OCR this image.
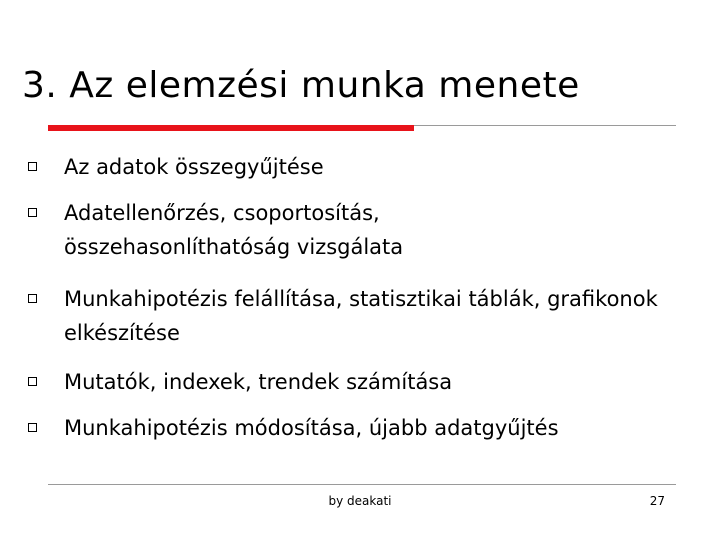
3. Az elemzési munka menete
Az adatok összegyűjtése
Adatellenőrzés, csoportosítás, összehasonlíthatóság vizsgálata
Munkahipotézis felállítása, statisztikai táblák, grafikonok elkészítése
Mutatók, indexek, trendek számítása
Munkahipotézis módosítása, újabb adatgyűjtés
by deakati	27
